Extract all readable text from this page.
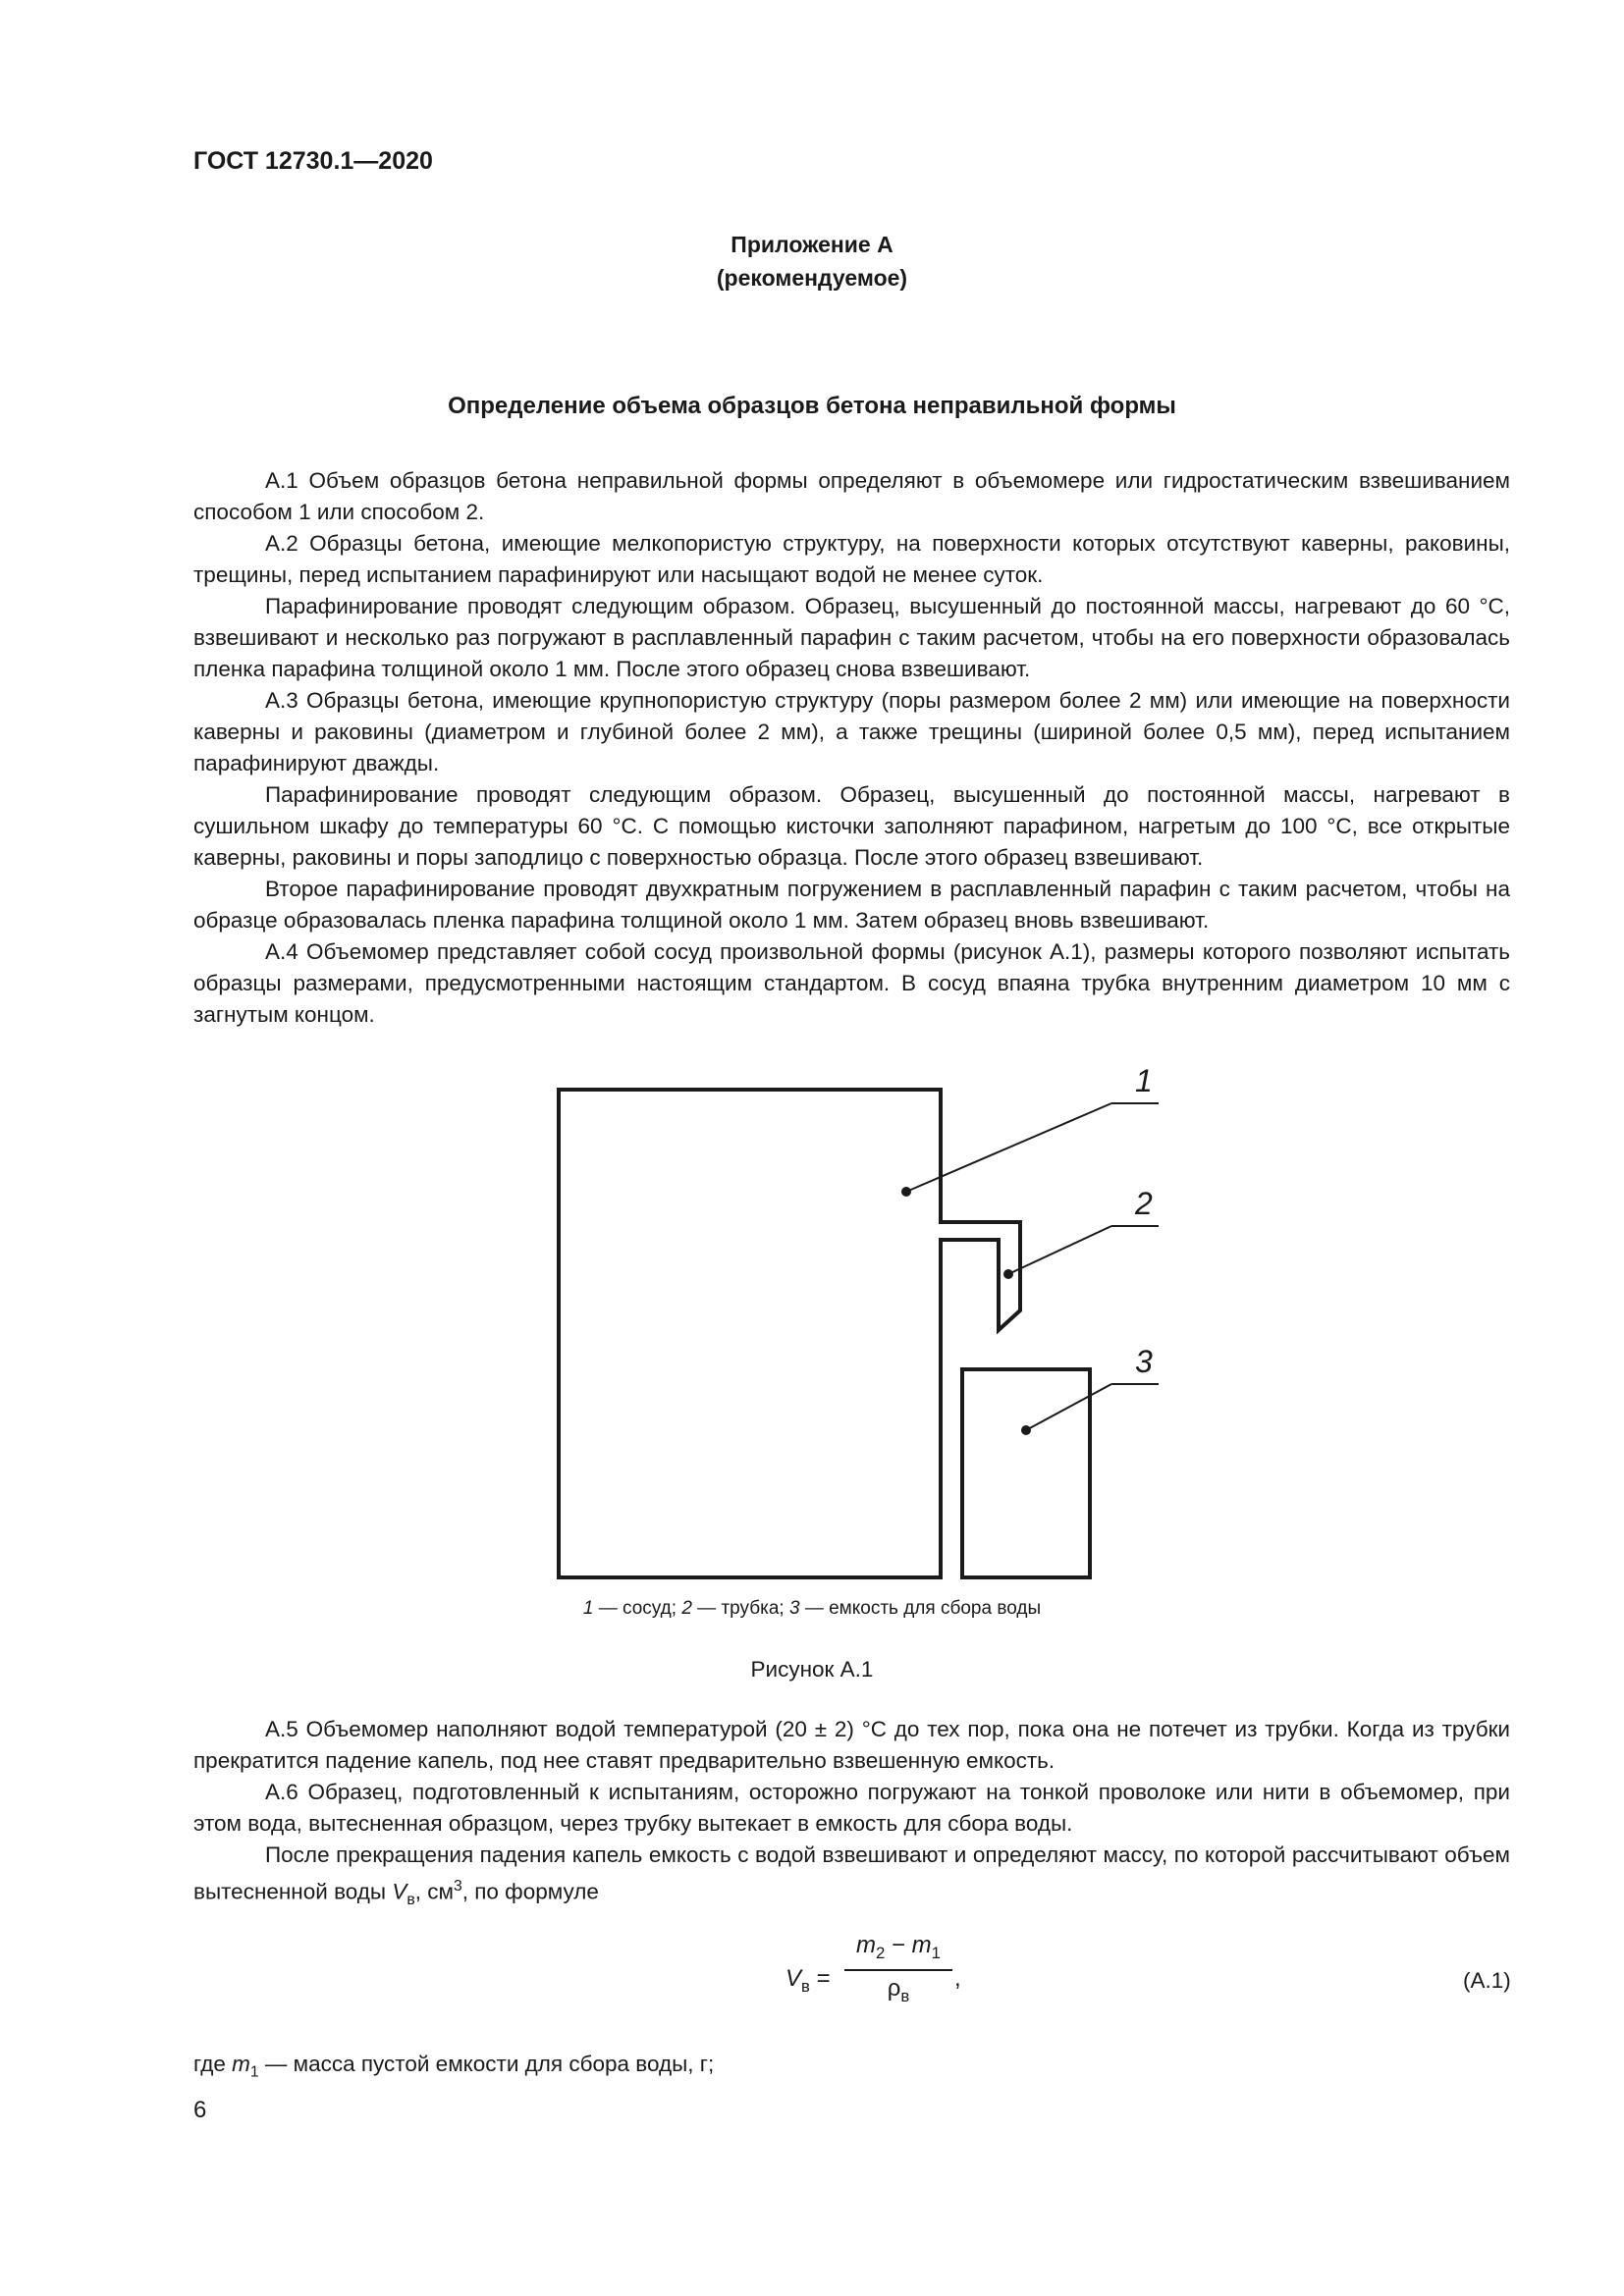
ГОСТ 12730.1—2020
Приложение А
(рекомендуемое)
Определение объема образцов бетона неправильной формы

А.1 Объем образцов бетона неправильной формы определяют в объемомере или гидростатическим взвешиванием способом 1 или способом 2.

А.2 Образцы бетона, имеющие мелкопористую структуру, на поверхности которых отсутствуют каверны, раковины, трещины, перед испытанием парафинируют или насыщают водой не менее суток.

Парафинирование проводят следующим образом. Образец, высушенный до постоянной массы, нагревают до 60 °С, взвешивают и несколько раз погружают в расплавленный парафин с таким расчетом, чтобы на его поверхности образовалась пленка парафина толщиной около 1 мм. После этого образец снова взвешивают.

А.3 Образцы бетона, имеющие крупнопористую структуру (поры размером более 2 мм) или имеющие на поверхности каверны и раковины (диаметром и глубиной более 2 мм), а также трещины (шириной более 0,5 мм), перед испытанием парафинируют дважды.

Парафинирование проводят следующим образом. Образец, высушенный до постоянной массы, нагревают в сушильном шкафу до температуры 60 °С. С помощью кисточки заполняют парафином, нагретым до 100 °С, все открытые каверны, раковины и поры заподлицо с поверхностью образца. После этого образец взвешивают.

Второе парафинирование проводят двухкратным погружением в расплавленный парафин с таким расчетом, чтобы на образце образовалась пленка парафина толщиной около 1 мм. Затем образец вновь взвешивают.

А.4 Объемомер представляет собой сосуд произвольной формы (рисунок А.1), размеры которого позволяют испытать образцы размерами, предусмотренными настоящим стандартом. В сосуд впаяна трубка внутренним диаметром 10 мм с загнутым концом.

1
2
3
1 — сосуд; 2 — трубка; 3 — емкость для сбора воды
Рисунок А.1

А.5 Объемомер наполняют водой температурой (20 ± 2) °С до тех пор, пока она не потечет из трубки. Когда из трубки прекратится падение капель, под нее ставят предварительно взвешенную емкость.

А.6 Образец, подготовленный к испытаниям, осторожно погружают на тонкой проволоке или нити в объемомер, при этом вода, вытесненная образцом, через трубку вытекает в емкость для сбора воды.

После прекращения падения капель емкость с водой взвешивают и определяют массу, по которой рассчитывают объем вытесненной воды $V_в$, $см^3$, по формуле

$V_в$ =
$m_2 - m_1$
$\rho_в$
,	(А.1)
где $m_1$ — масса пустой емкости для сбора воды, г;
6
